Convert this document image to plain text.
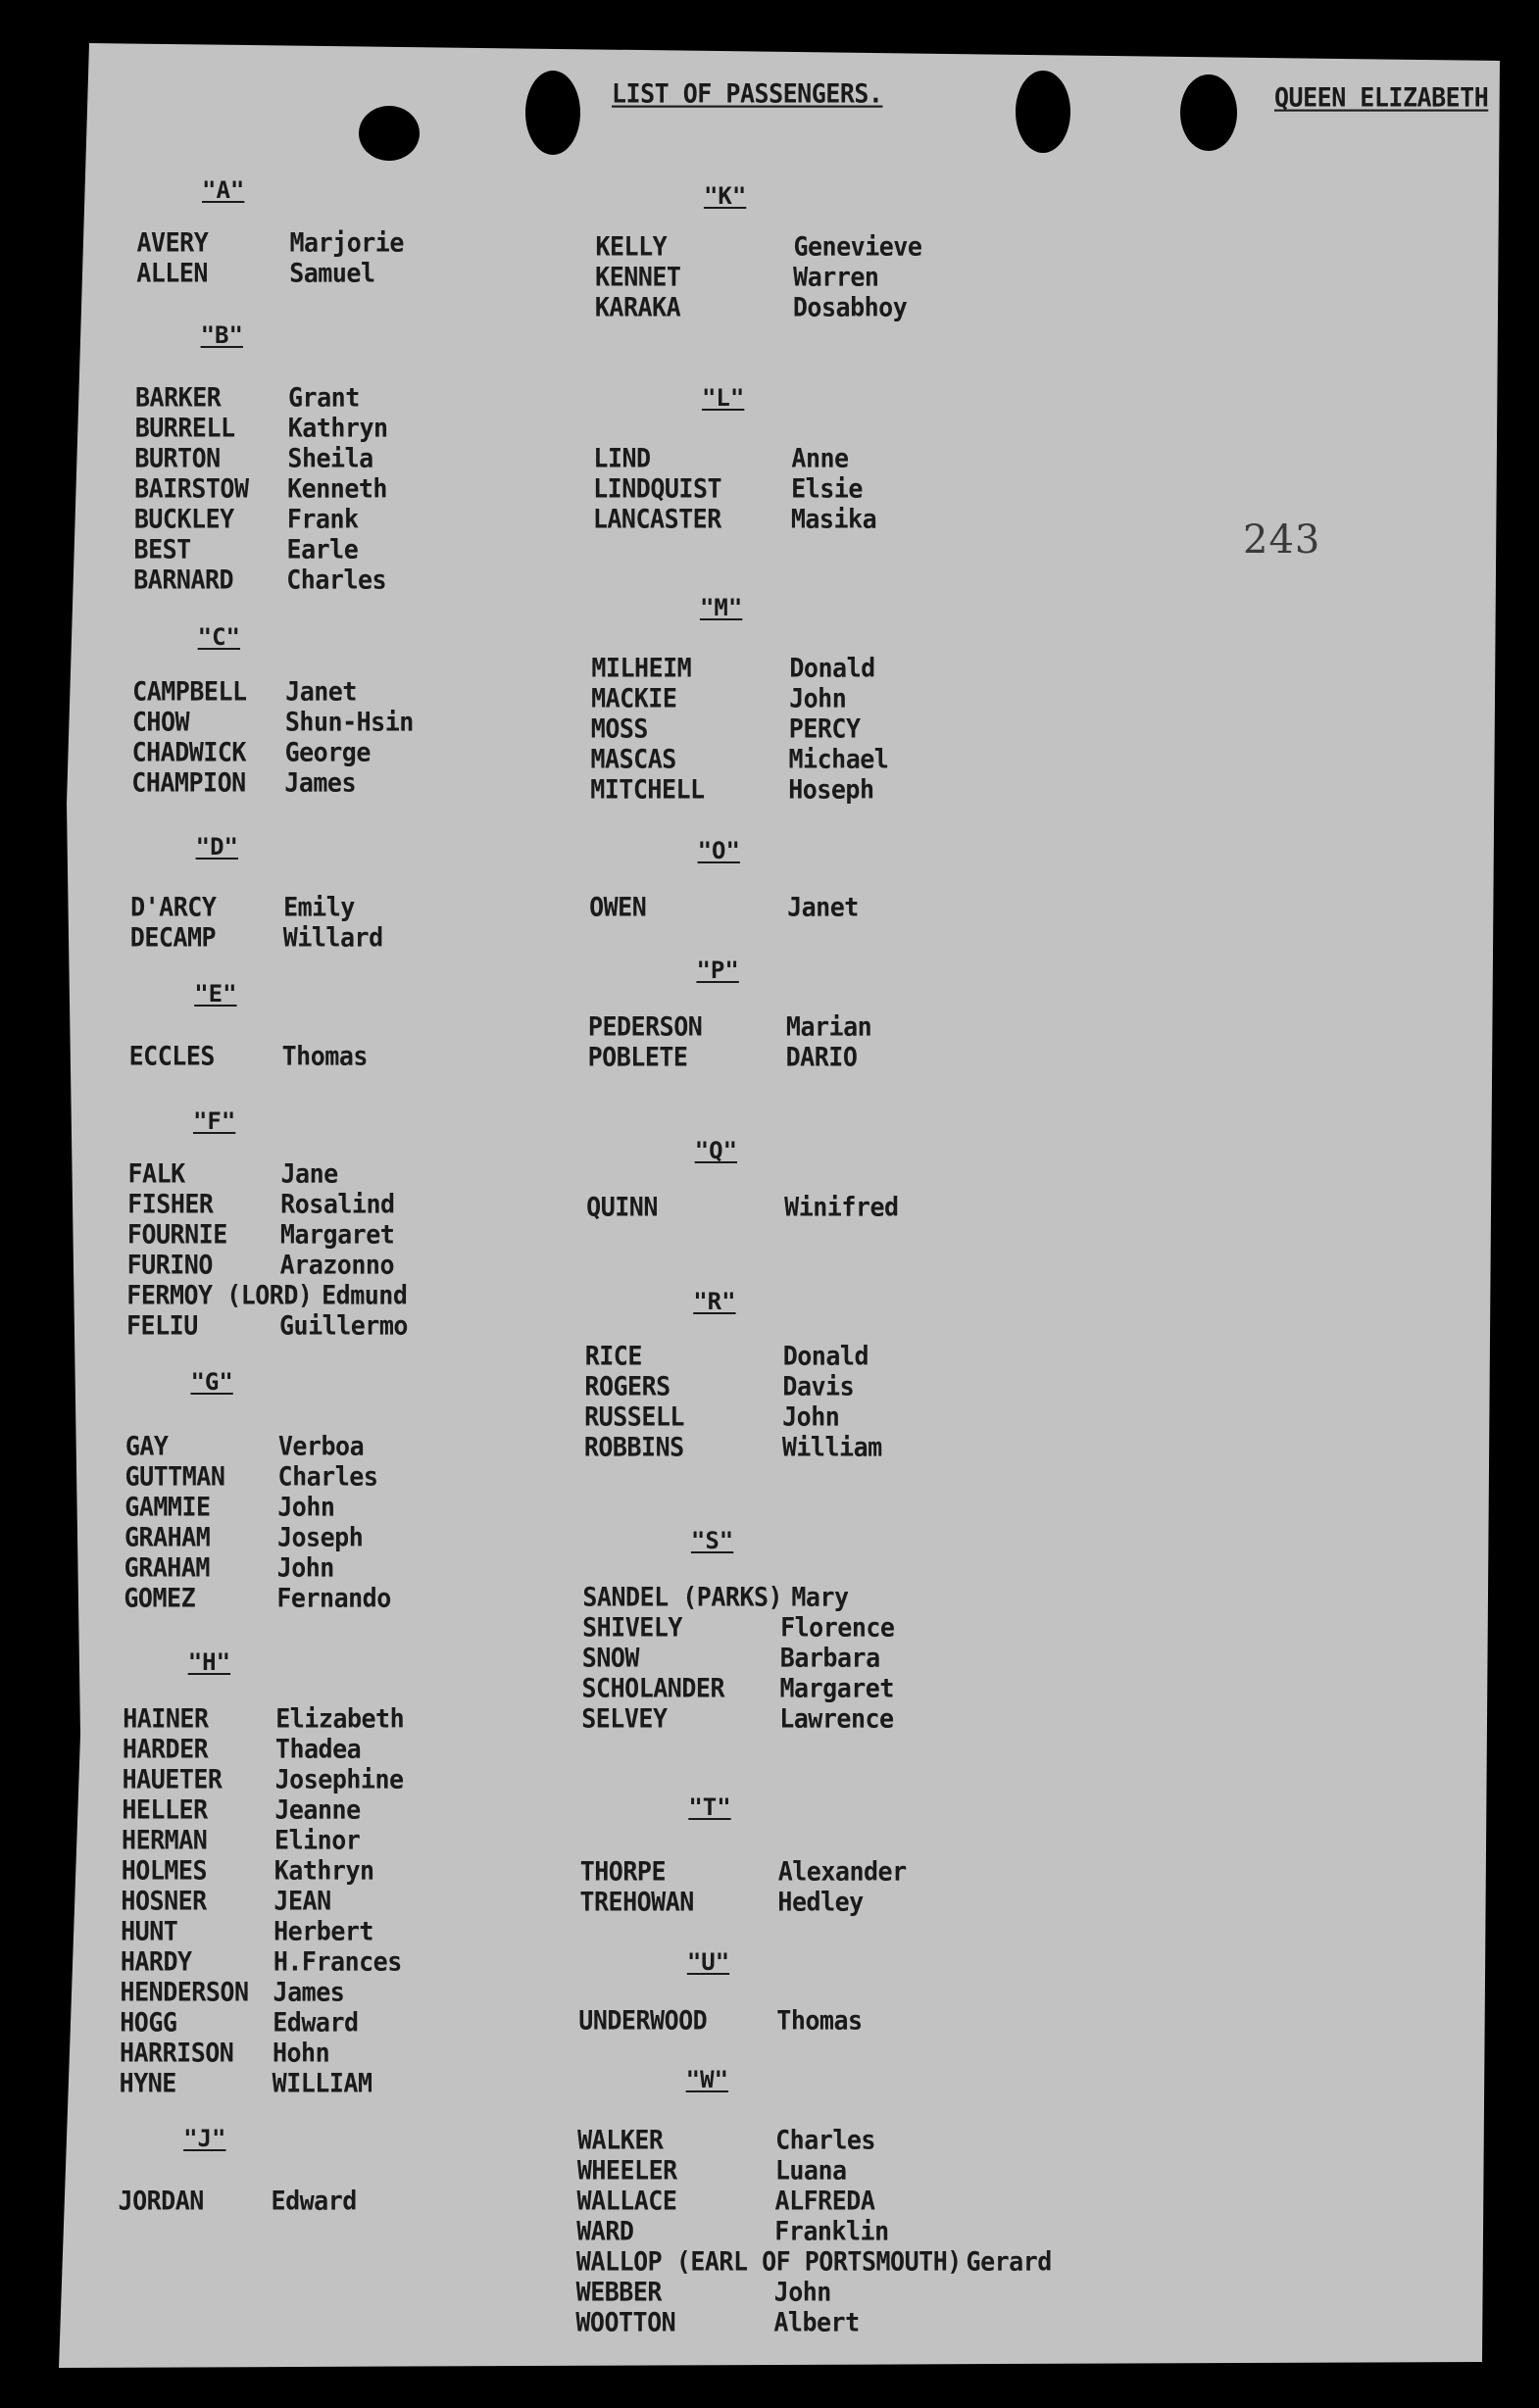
LIST OF PASSENGERS.	QUEEN ELIZABETH
243
"A"
AVERY	Marjorie
ALLEN	Samuel
"B"
BARKER	Grant
BURRELL Kathryn
BURTON	Sheila
BAIRSTOW Kenneth
BUCKLEY Frank
BEST	Earle
BARNARD Charles
"C"
CAMPBELL Janet
CHOW	Shun-Hsin
CHADWICK George
CHAMPION James
"D"
D'ARCY	Emily
DECAMP	Willard
"E"
ECCLES	Thomas
"F"
FALK	Jane
FISHER	Rosalind
FOURNIE Margaret
FURINO	Arazonno
FERMOY (LORD) Edmund
FELIU	Guillermo
"G"
GAY	Verboa
GUTTMAN Charles
GAMMIE	John
GRAHAM	Joseph
GRAHAM	John
GOMEZ	Fernando
"H"
HAINER	Elizabeth
HARDER	Thadea
HAUETER Josephine
HELLER	Jeanne
HERMAN	Elinor
HOLMES	Kathryn
HOSNER	JEAN
HUNT	Herbert
HARDY	H.Frances
HENDERSON James
HOGG	Edward
HARRISON Hohn
HYNE	WILLIAM
"J"
JORDAN	Edward
"K"
KELLY	Genevieve
KENNET	Warren
KARAKA	Dosabhoy
"L"
LIND	Anne
LINDQUIST	Elsie
LANCASTER	Masika
"M"
MILHEIM	Donald
MACKIE	John
MOSS	PERCY
MASCAS	Michael
MITCHELL	Hoseph
"O"
OWEN	Janet
"P"
PEDERSON	Marian
POBLETE	DARIO
"Q"
QUINN	Winifred
"R"
RICE	Donald
ROGERS	Davis
RUSSELL	John
ROBBINS	William
"S"
SANDEL (PARKS) Mary
SHIVELY	Florence
SNOW	Barbara
SCHOLANDER Margaret
SELVEY	Lawrence
"T"
THORPE	Alexander
TREHOWAN	Hedley
"U"
UNDERWOOD	Thomas
"W"
WALKER	Charles
WHEELER	Luana
WALLACE	ALFREDA
WARD	Franklin
WALLOP (EARL OF PORTSMOUTH) Gerard
WEBBER	John
WOOTTON	Albert
